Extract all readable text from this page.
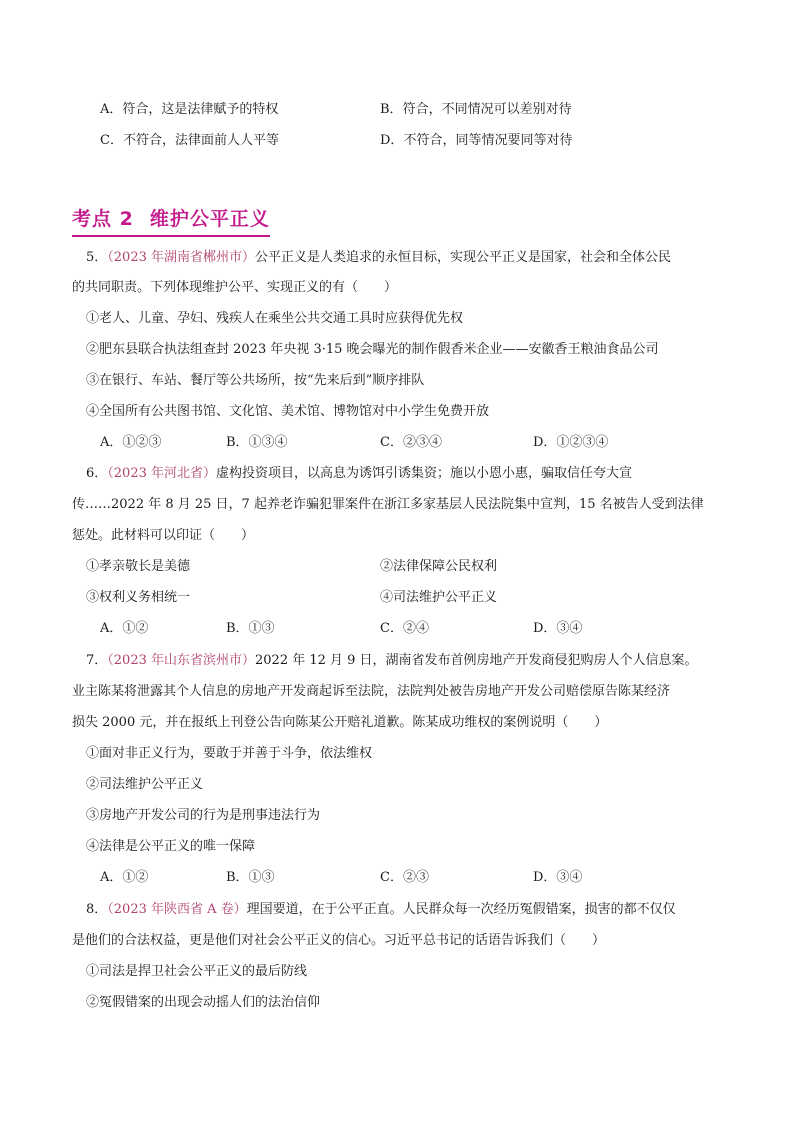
A．符合，这是法律赋予的特权	B．符合，不同情况可以差别对待
C．不符合，法律面前人人平等	D．不符合，同等情况要同等对待
考点 2 维护公平正义
5．（2023 年湖南省郴州市）公平正义是人类追求的永恒目标，实现公平正义是国家，社会和全体公民
的共同职责。下列体现维护公平、实现正义的有（　　）
①老人、儿童、孕妇、残疾人在乘坐公共交通工具时应获得优先权
②肥东县联合执法组查封 2023 年央视 3·15 晚会曝光的制作假香米企业——安徽香王粮油食品公司
③在银行、车站、餐厅等公共场所，按“先来后到”顺序排队
④全国所有公共图书馆、文化馆、美术馆、博物馆对中小学生免费开放
A．①②③	B．①③④	C．②③④	D．①②③④
6．（2023 年河北省）虚构投资项目，以高息为诱饵引诱集资；施以小恩小惠，骗取信任夸大宣
传……2022 年 8 月 25 日，7 起养老诈骗犯罪案件在浙江多家基层人民法院集中宣判，15 名被告人受到法律
惩处。此材料可以印证（　　）
①孝亲敬长是美德	②法律保障公民权利
③权利义务相统一	④司法维护公平正义
A．①②	B．①③	C．②④	D．③④
7．（2023 年山东省滨州市）2022 年 12 月 9 日，湖南省发布首例房地产开发商侵犯购房人个人信息案。
业主陈某将泄露其个人信息的房地产开发商起诉至法院，法院判处被告房地产开发公司赔偿原告陈某经济
损失 2000 元，并在报纸上刊登公告向陈某公开赔礼道歉。陈某成功维权的案例说明（　　）
①面对非正义行为，要敢于并善于斗争，依法维权
②司法维护公平正义
③房地产开发公司的行为是刑事违法行为
④法律是公平正义的唯一保障
A．①②	B．①③	C．②③	D．③④
8．（2023 年陕西省 A 卷）理国要道，在于公平正直。人民群众每一次经历冤假错案，损害的都不仅仅
是他们的合法权益，更是他们对社会公平正义的信心。习近平总书记的话语告诉我们（　　）
①司法是捍卫社会公平正义的最后防线
②冤假错案的出现会动摇人们的法治信仰
